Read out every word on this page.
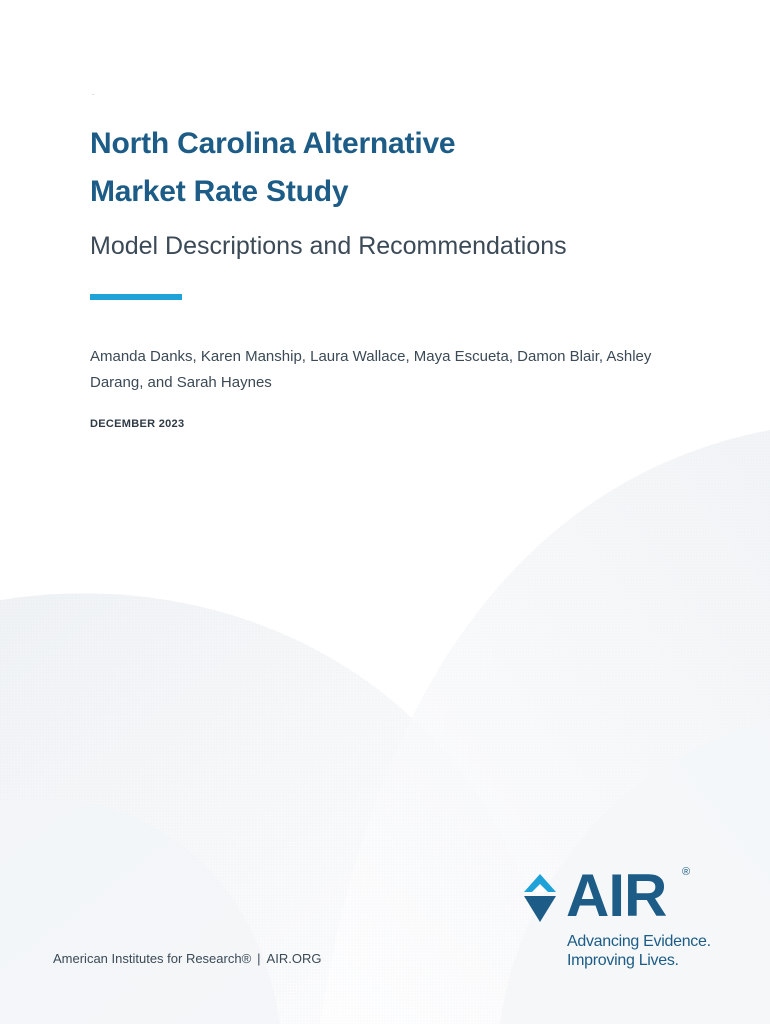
.
North Carolina Alternative
Market Rate Study
Model Descriptions and Recommendations

Amanda Danks, Karen Manship, Laura Wallace, Maya Escueta, Damon Blair, Ashley Darang, and Sarah Haynes

DECEMBER 2023
American Institutes for Research® | AIR.ORG
AIR ®
Advancing Evidence.
Improving Lives.
